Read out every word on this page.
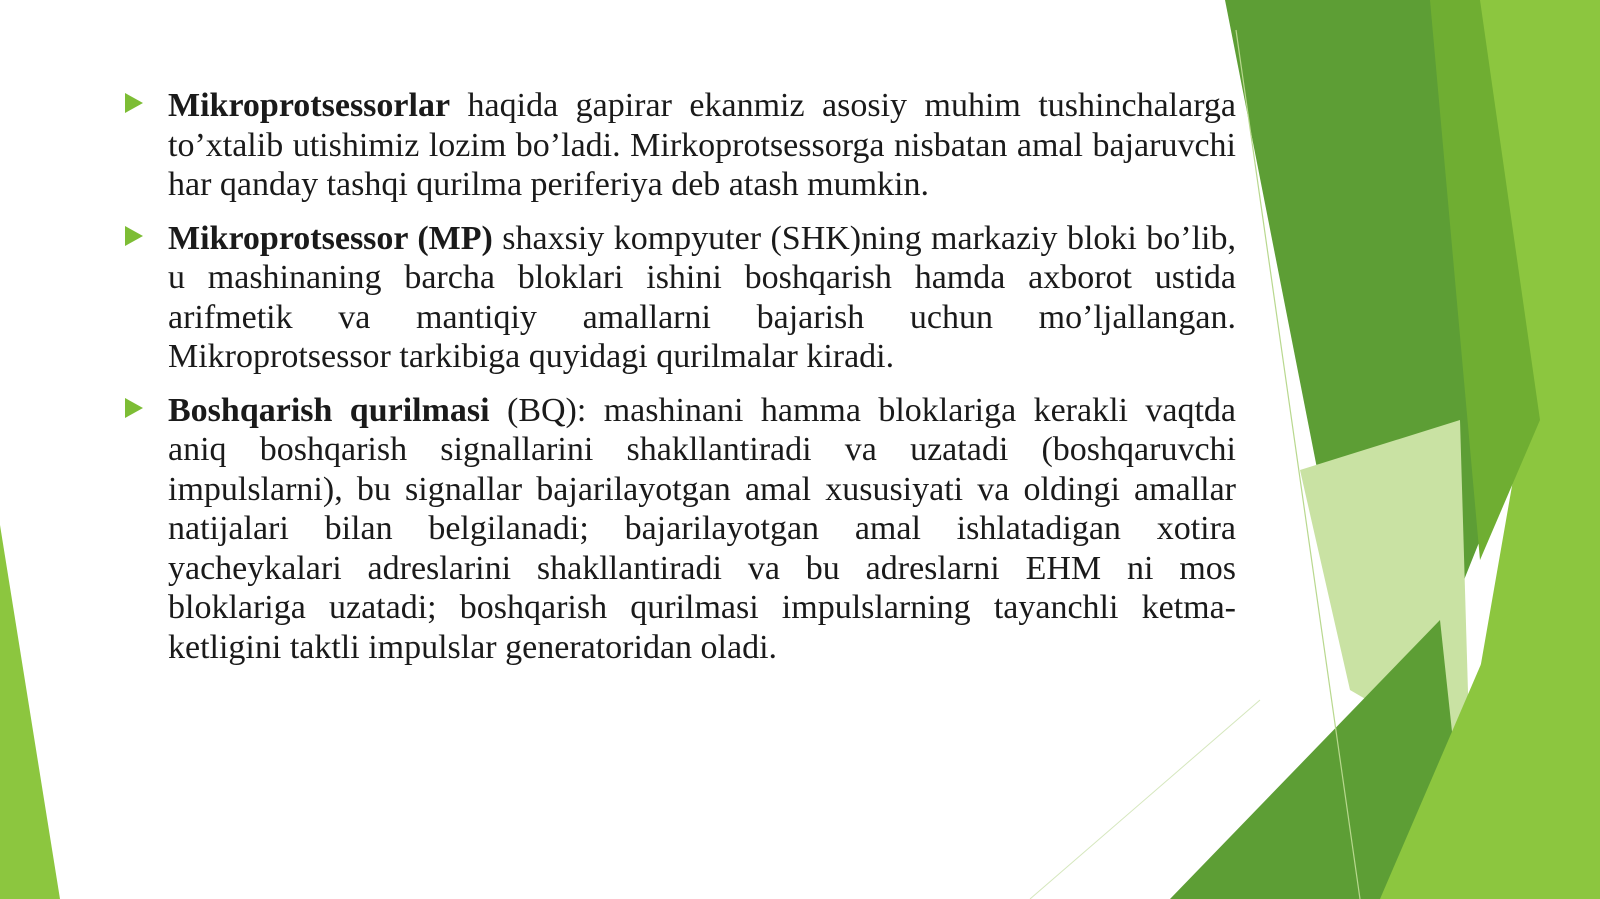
Mikroprotsessorlar haqida gapirar ekanmiz asosiy muhim tushinchalarga to’xtalib utishimiz lozim bo’ladi. Mirkoprotsessorga nisbatan amal bajaruvchi har qanday tashqi qurilma periferiya deb atash mumkin.

Mikroprotsessor (MP) shaxsiy kompyuter (SHK)ning markaziy bloki bo’lib, u mashinaning barcha bloklari ishini boshqarish hamda axborot ustida arifmetik va mantiqiy amallarni bajarish uchun mo’ljallangan. Mikroprotsessor tarkibiga quyidagi qurilmalar kiradi.

Boshqarish qurilmasi (BQ): mashinani hamma bloklariga kerakli vaqtda aniq boshqarish signallarini shakllantiradi va uzatadi (boshqaruvchi impulslarni), bu signallar bajarilayotgan amal xususiyati va oldingi amallar natijalari bilan belgilanadi; bajarilayotgan amal ishlatadigan xotira yacheykalari adreslarini shakllantiradi va bu adreslarni EHM ni mos bloklariga uzatadi; boshqarish qurilmasi impulslarning tayanchli ketma-ketligini taktli impulslar generatoridan oladi.
